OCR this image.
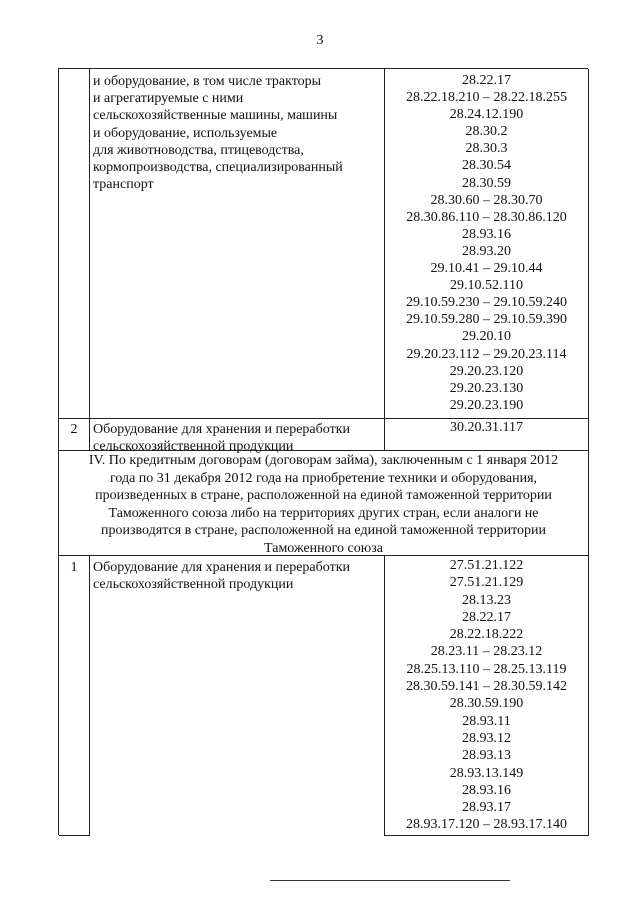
3
и оборудование, в том числе тракторы
и агрегатируемые с ними
сельскохозяйственные машины, машины
и оборудование, используемые
для животноводства, птицеводства,
кормопроизводства, специализированный
транспорт
28.22.17
28.22.18.210 – 28.22.18.255
28.24.12.190
28.30.2
28.30.3
28.30.54
28.30.59
28.30.60 – 28.30.70
28.30.86.110 – 28.30.86.120
28.93.16
28.93.20
29.10.41 – 29.10.44
29.10.52.110
29.10.59.230 – 29.10.59.240
29.10.59.280 – 29.10.59.390
29.20.10
29.20.23.112 – 29.20.23.114
29.20.23.120
29.20.23.130
29.20.23.190
2	Оборудование для хранения и переработки
сельскохозяйственной продукции
30.20.31.117
IV. По кредитным договорам (договорам займа), заключенным с 1 января 2012
года по 31 декабря 2012 года на приобретение техники и оборудования,
произведенных в стране, расположенной на единой таможенной территории
Таможенного союза либо на территориях других стран, если аналоги не
производятся в стране, расположенной на единой таможенной территории
Таможенного союза
1	Оборудование для хранения и переработки
сельскохозяйственной продукции
27.51.21.122
27.51.21.129
28.13.23
28.22.17
28.22.18.222
28.23.11 – 28.23.12
28.25.13.110 – 28.25.13.119
28.30.59.141 – 28.30.59.142
28.30.59.190
28.93.11
28.93.12
28.93.13
28.93.13.149
28.93.16
28.93.17
28.93.17.120 – 28.93.17.140
